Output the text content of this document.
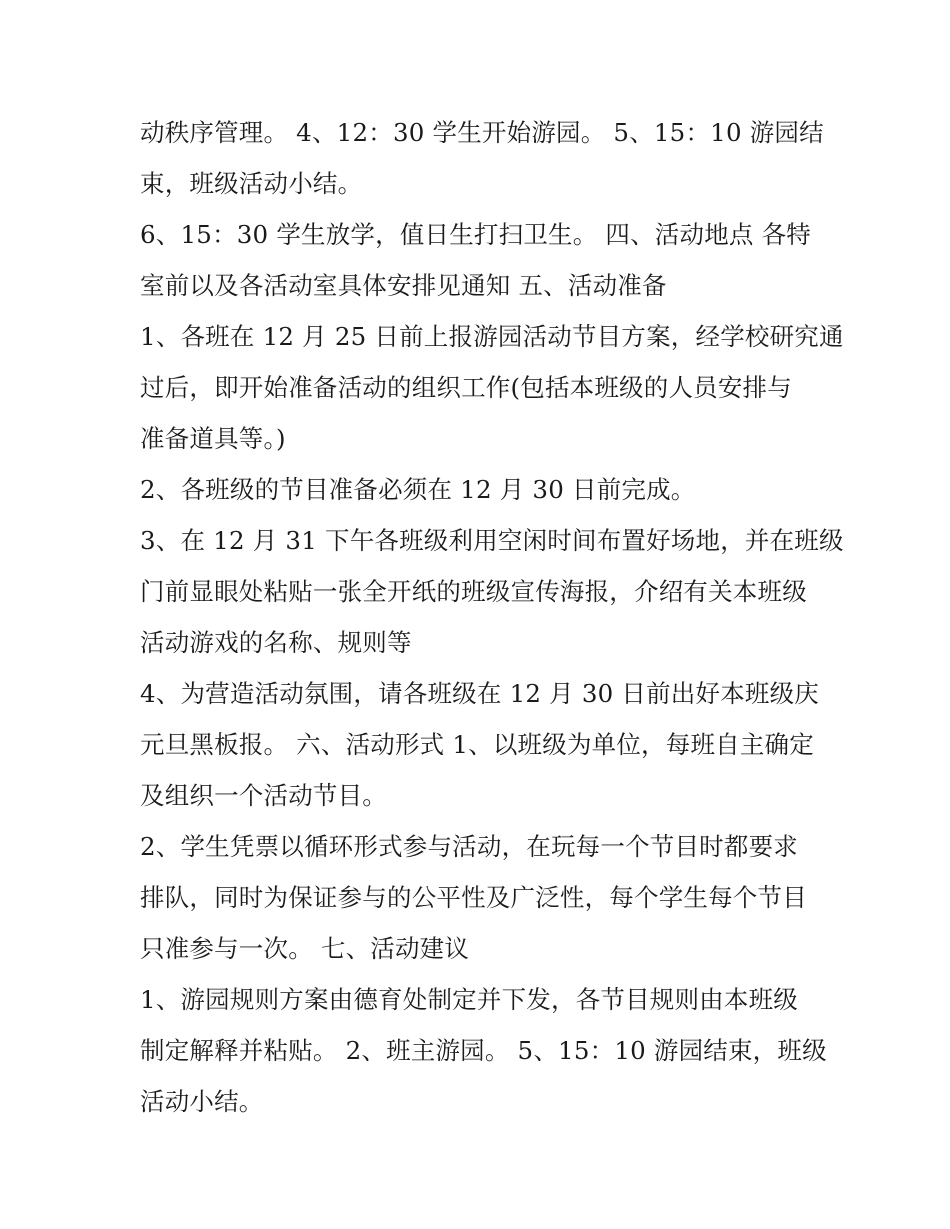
动秩序管理。 4、12：30 学生开始游园。 5、15：10 游园结
束，班级活动小结。
6、15：30 学生放学，值日生打扫卫生。 四、活动地点 各特
室前以及各活动室具体安排见通知 五、活动准备
1、各班在 12 月 25 日前上报游园活动节目方案，经学校研究通
过后，即开始准备活动的组织工作(包括本班级的人员安排与
准备道具等。)
2、各班级的节目准备必须在 12 月 30 日前完成。
3、在 12 月 31 下午各班级利用空闲时间布置好场地，并在班级
门前显眼处粘贴一张全开纸的班级宣传海报，介绍有关本班级
活动游戏的名称、规则等
4、为营造活动氛围，请各班级在 12 月 30 日前出好本班级庆
元旦黑板报。 六、活动形式 1、以班级为单位，每班自主确定
及组织一个活动节目。
2、学生凭票以循环形式参与活动，在玩每一个节目时都要求
排队，同时为保证参与的公平性及广泛性，每个学生每个节目
只准参与一次。 七、活动建议
1、游园规则方案由德育处制定并下发，各节目规则由本班级
制定解释并粘贴。 2、班主游园。 5、15：10 游园结束，班级
活动小结。
